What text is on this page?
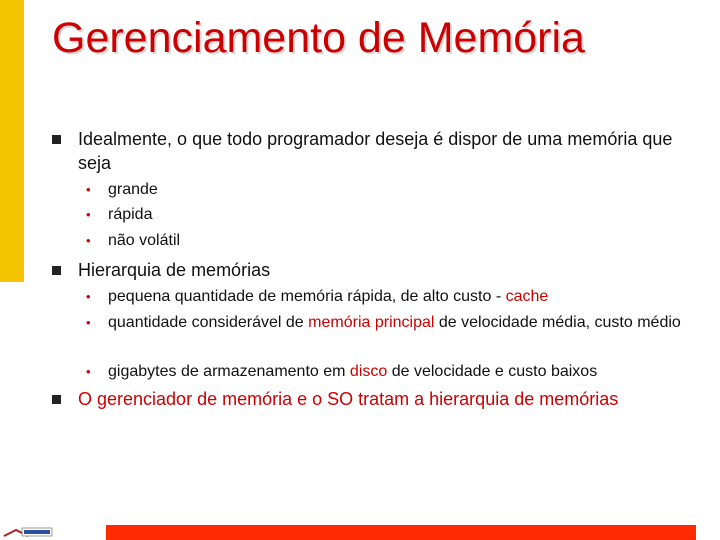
Gerenciamento de Memória
Idealmente, o que todo programador deseja é dispor de uma memória que seja
• grande
• rápida
• não volátil
Hierarquia de memórias
• pequena quantidade de memória rápida, de alto custo - cache
• quantidade considerável de memória principal de velocidade média, custo médio
• gigabytes de armazenamento em disco de velocidade e custo baixos
O gerenciador de memória e o SO tratam a hierarquia de memórias
